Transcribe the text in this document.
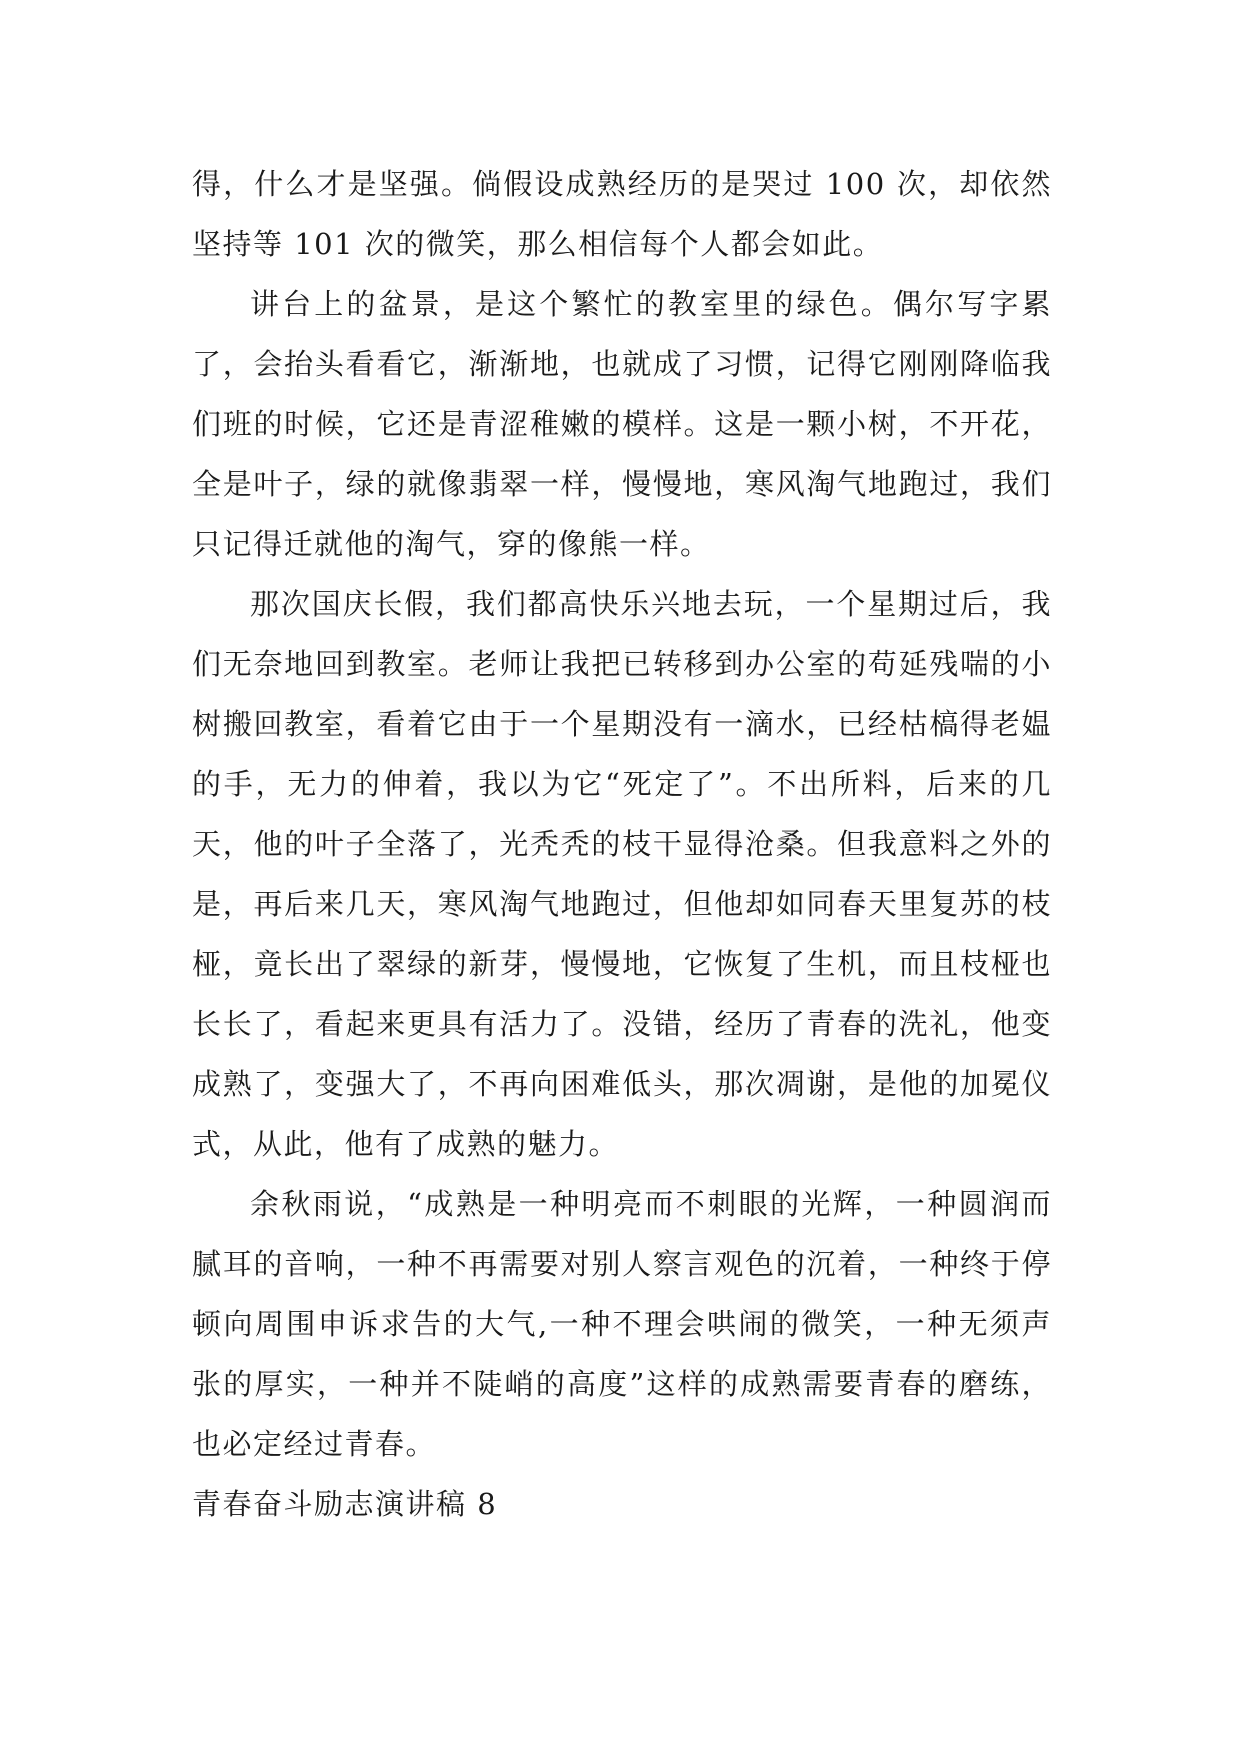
得，什么才是坚强。倘假设成熟经历的是哭过 100 次，却依然坚持等 101 次的微笑，那么相信每个人都会如此。

讲台上的盆景，是这个繁忙的教室里的绿色。偶尔写字累了，会抬头看看它，渐渐地，也就成了习惯，记得它刚刚降临我们班的时候，它还是青涩稚嫩的模样。这是一颗小树，不开花，全是叶子，绿的就像翡翠一样，慢慢地，寒风淘气地跑过，我们只记得迁就他的淘气，穿的像熊一样。

那次国庆长假，我们都高快乐兴地去玩，一个星期过后，我们无奈地回到教室。老师让我把已转移到办公室的苟延残喘的小树搬回教室，看着它由于一个星期没有一滴水，已经枯槁得老媪的手，无力的伸着，我以为它“死定了”。不出所料，后来的几天，他的叶子全落了，光秃秃的枝干显得沧桑。但我意料之外的是，再后来几天，寒风淘气地跑过，但他却如同春天里复苏的枝桠，竟长出了翠绿的新芽，慢慢地，它恢复了生机，而且枝桠也长长了，看起来更具有活力了。没错，经历了青春的洗礼，他变成熟了，变强大了，不再向困难低头，那次凋谢，是他的加冕仪式，从此，他有了成熟的魅力。

余秋雨说，“成熟是一种明亮而不刺眼的光辉，一种圆润而腻耳的音响，一种不再需要对别人察言观色的沉着，一种终于停顿向周围申诉求告的大气,一种不理会哄闹的微笑，一种无须声张的厚实，一种并不陡峭的高度”这样的成熟需要青春的磨练，也必定经过青春。

青春奋斗励志演讲稿 8
